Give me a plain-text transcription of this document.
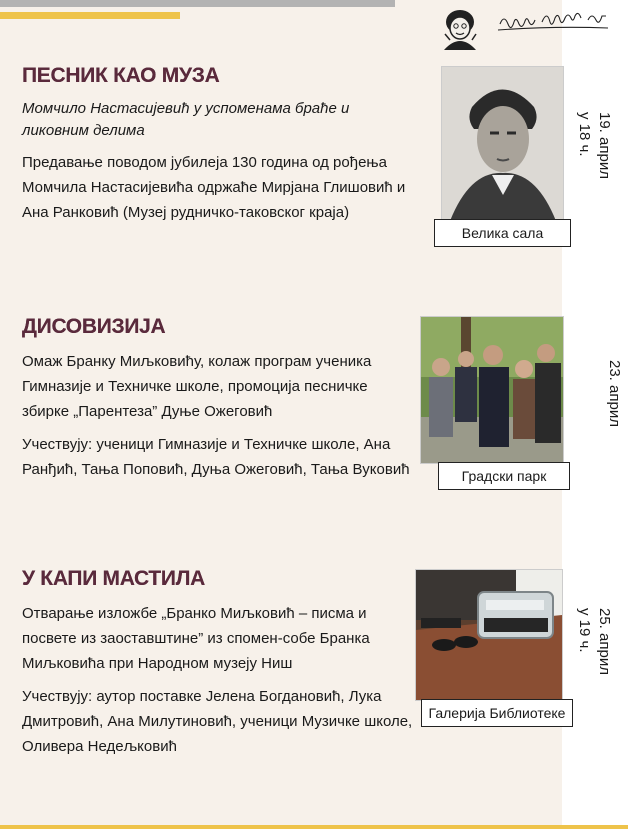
ПЕСНИК КАО МУЗА

Момчило Настасијевић у успоменама браће и ликовним делима

Предавање поводом јубилеја 130 година од рођења Момчила Настасијевића одржаће Мирјана Глишовић и Ана Ранковић (Музеј рудничко-таковског краја)

Велика сала
19. април
у 18 ч.
ДИСОВИЗИЈА

Омаж Бранку Миљковићу, колаж програм ученика Гимназије и Техничке школе, промоција песничке збирке „Парентеза” Дуње Ожеговић

Учествују: ученици Гимназије и Техничке школе, Ана Ранђић, Тања Поповић, Дуња Ожеговић, Тања Вуковић	Градски парк
23. април
У КАПИ МАСТИЛА

Отварање изложбе „Бранко Миљковић – писма и посвете из заоставштине” из спомен-собе Бранка Миљковића при Народном музеју Ниш

Учествују: аутор поставке Јелена Богдановић, Лука Дмитровић, Ана Милутиновић, ученици Музичке школе, Оливера Недељковић

Галерија Библиотеке
25. април
у 19 ч.
